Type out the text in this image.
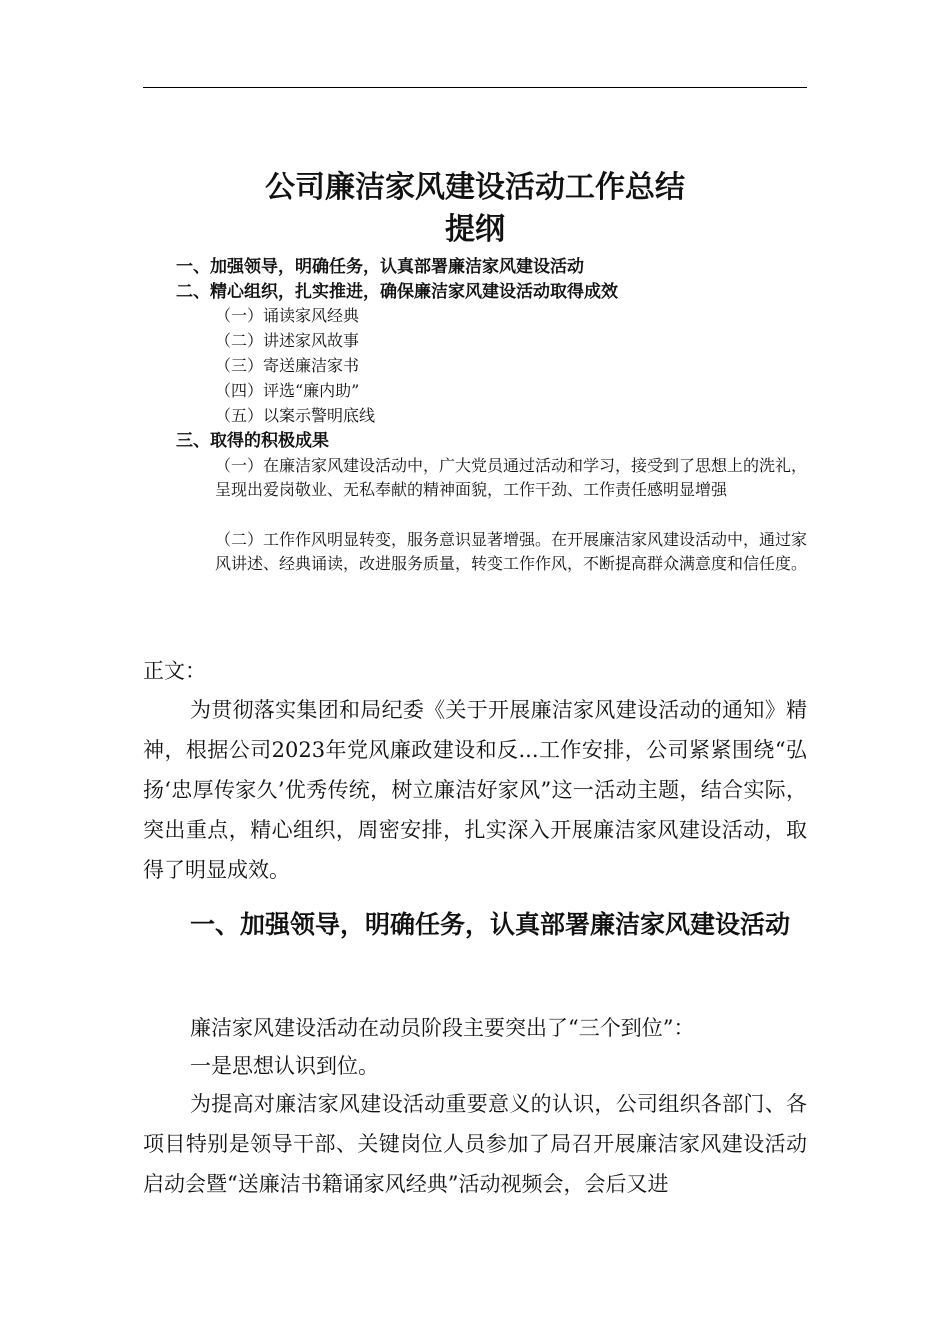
公司廉洁家风建设活动工作总结
提纲
一、加强领导，明确任务，认真部署廉洁家风建设活动
二、精心组织，扎实推进，确保廉洁家风建设活动取得成效
（一）诵读家风经典
（二）讲述家风故事
（三）寄送廉洁家书
（四）评选“廉内助”
（五）以案示警明底线
三、取得的积极成果
（一）在廉洁家风建设活动中，广大党员通过活动和学习，接受到了思想上的洗礼，呈现出爱岗敬业、无私奉献的精神面貌，工作干劲、工作责任感明显增强
（二）工作作风明显转变，服务意识显著增强。在开展廉洁家风建设活动中，通过家风讲述、经典诵读，改进服务质量，转变工作作风，不断提高群众满意度和信任度。
正文：
为贯彻落实集团和局纪委《关于开展廉洁家风建设活动的通知》精神，根据公司2023年党风廉政建设和反...工作安排，公司紧紧围绕“弘扬‘忠厚传家久’优秀传统，树立廉洁好家风”这一活动主题，结合实际，突出重点，精心组织，周密安排，扎实深入开展廉洁家风建设活动，取得了明显成效。
一、加强领导，明确任务，认真部署廉洁家风建设活动
廉洁家风建设活动在动员阶段主要突出了“三个到位”：
一是思想认识到位。
为提高对廉洁家风建设活动重要意义的认识，公司组织各部门、各项目特别是领导干部、关键岗位人员参加了局召开展廉洁家风建设活动启动会暨“送廉洁书籍诵家风经典”活动视频会，会后又进
